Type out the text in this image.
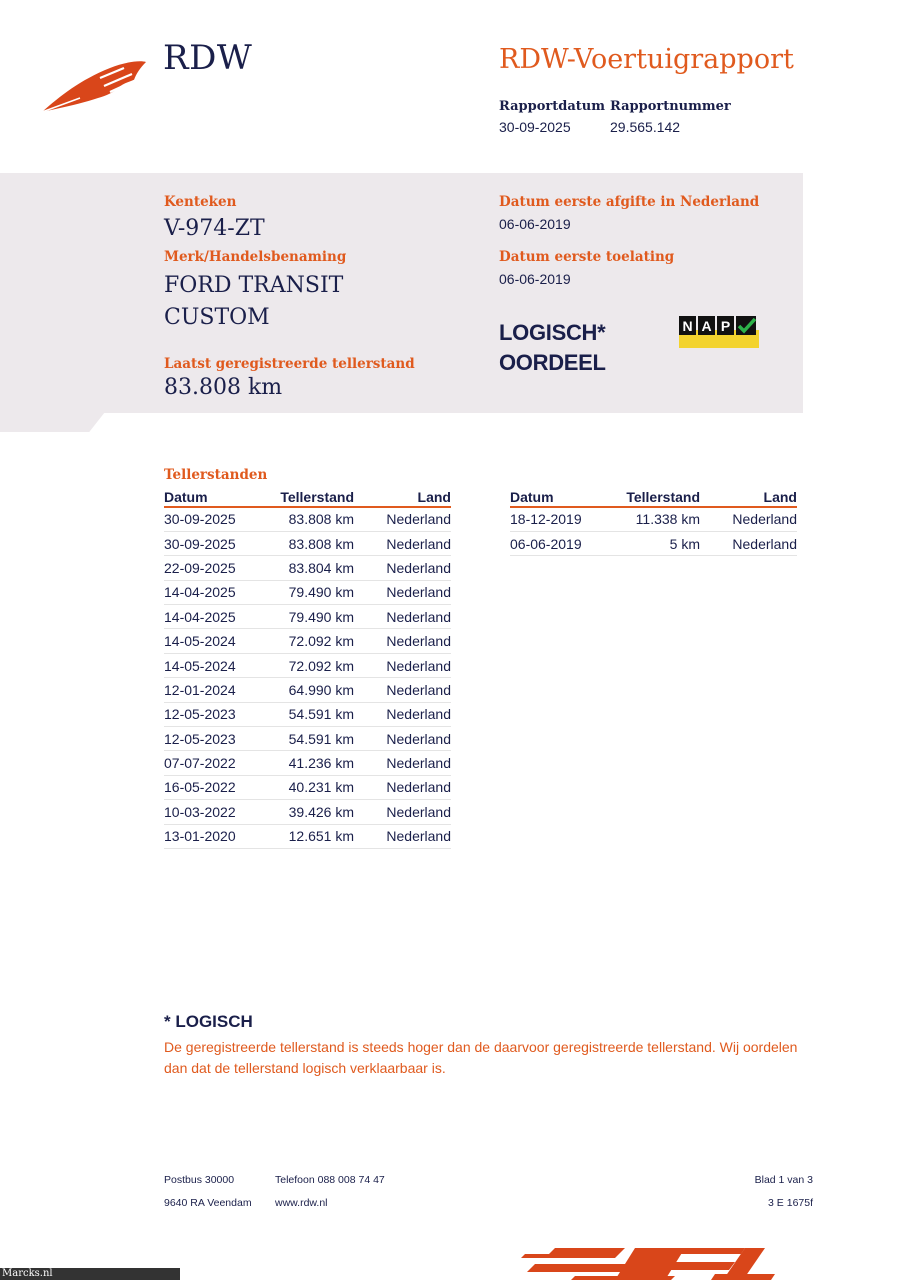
RDW	RDW-Voertuigrapport
Rapportdatum
30-09-2025
Rapportnummer
29.565.142
Kenteken
V-974-ZT
Merk/Handelsbenaming
FORD TRANSIT
CUSTOM
Laatst geregistreerde tellerstand
83.808 km
Datum eerste afgifte in Nederland
06-06-2019
Datum eerste toelating
06-06-2019
LOGISCH*
OORDEEL
N A P
Tellerstanden
Datum	Tellerstand	Land
30-09-2025	83.808 km	Nederland
30-09-2025	83.808 km	Nederland
22-09-2025	83.804 km	Nederland
14-04-2025	79.490 km	Nederland
14-04-2025	79.490 km	Nederland
14-05-2024	72.092 km	Nederland
14-05-2024	72.092 km	Nederland
12-01-2024	64.990 km	Nederland
12-05-2023	54.591 km	Nederland
12-05-2023	54.591 km	Nederland
07-07-2022	41.236 km	Nederland
16-05-2022	40.231 km	Nederland
10-03-2022	39.426 km	Nederland
13-01-2020	12.651 km	Nederland
Datum	Tellerstand	Land
18-12-2019	11.338 km	Nederland
06-06-2019	5 km	Nederland
* LOGISCH
De geregistreerde tellerstand is steeds hoger dan de daarvoor geregistreerde tellerstand. Wij oordelen dan dat de tellerstand logisch verklaarbaar is.
Postbus 30000
9640 RA Veendam
Telefoon 088 008 74 47
www.rdw.nl
Blad 1 van 3
3 E 1675f
Marcks.nl
